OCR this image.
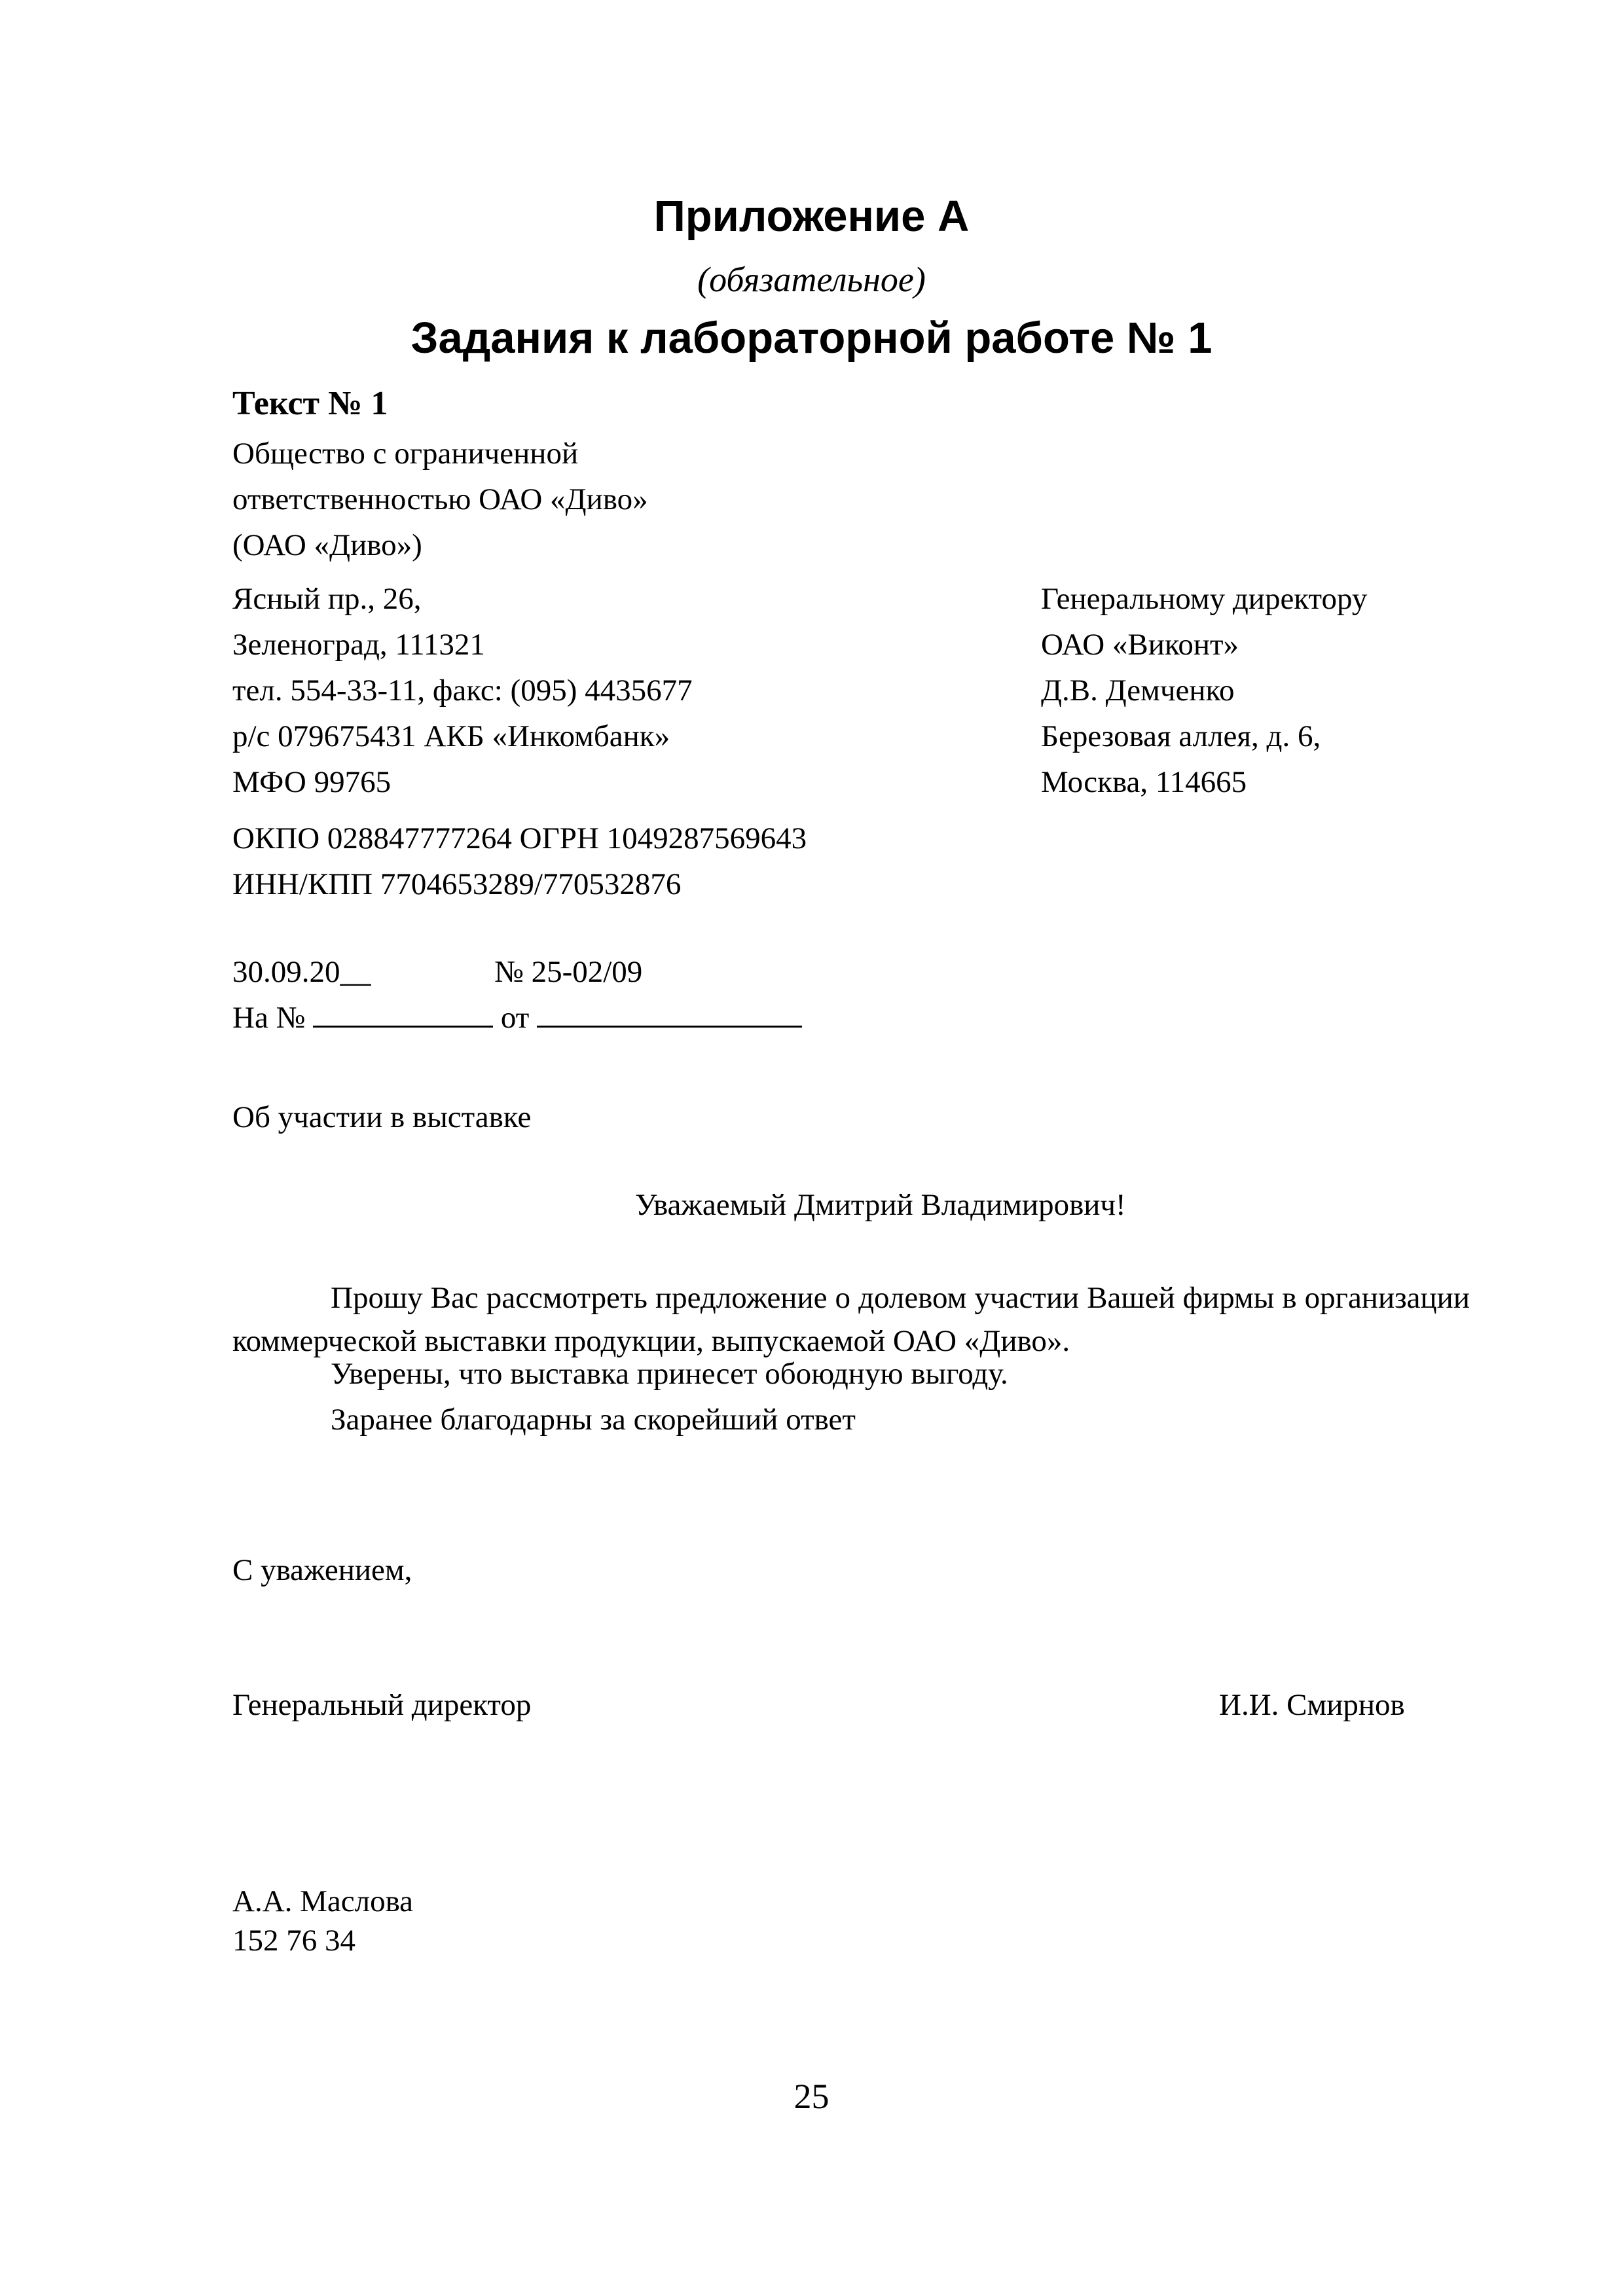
Приложение А
(обязательное)
Задания к лабораторной работе № 1
Текст № 1
Общество с ограниченной
ответственностью ОАО «Диво»
(ОАО «Диво»)
Ясный пр., 26,
Зеленоград, 111321
тел. 554-33-11, факс: (095) 4435677
р/с 079675431 АКБ «Инкомбанк»
МФО 99765
Генеральному директору
ОАО «Виконт»
Д.В. Демченко
Березовая аллея, д. 6,
Москва, 114665
ОКПО 028847777264 ОГРН 1049287569643
ИНН/КПП 7704653289/770532876
30.09.20__	№ 25-02/09
На №	от
Об участии в выставке
Уважаемый Дмитрий Владимирович!
Прошу Вас рассмотреть предложение о долевом участии Вашей фирмы в организации коммерческой выставки продукции, выпускаемой ОАО «Диво».
Уверены, что выставка принесет обоюдную выгоду.
Заранее благодарны за скорейший ответ
С уважением,
Генеральный директор	И.И. Смирнов
А.А. Маслова
152 76 34
25
